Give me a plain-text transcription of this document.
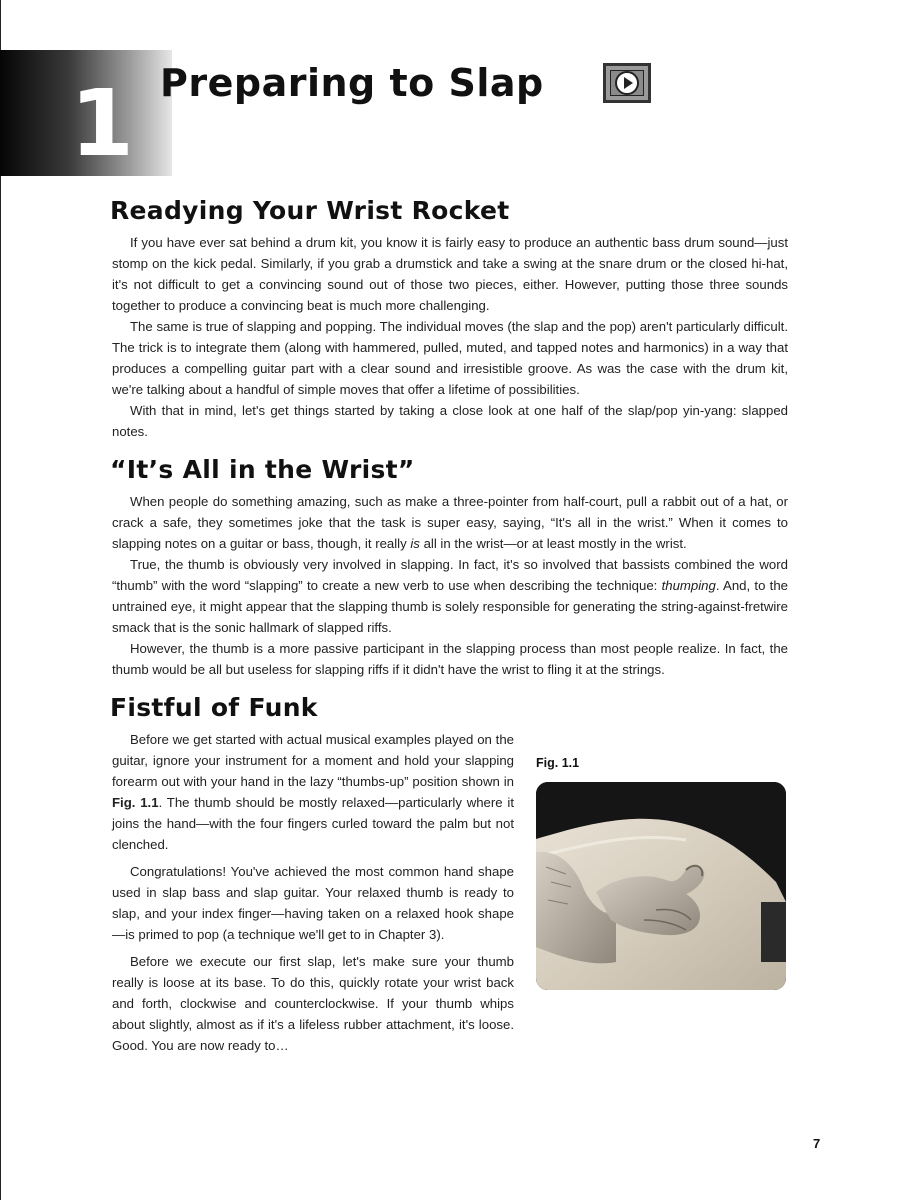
1 Preparing to Slap
Readying Your Wrist Rocket

If you have ever sat behind a drum kit, you know it is fairly easy to produce an authentic bass drum sound—just stomp on the kick pedal. Similarly, if you grab a drumstick and take a swing at the snare drum or the closed hi-hat, it's not difficult to get a convincing sound out of those two pieces, either. However, putting those three sounds together to produce a convincing beat is much more challenging.

The same is true of slapping and popping. The individual moves (the slap and the pop) aren't particularly difficult. The trick is to integrate them (along with hammered, pulled, muted, and tapped notes and harmonics) in a way that produces a compelling guitar part with a clear sound and irresistible groove. As was the case with the drum kit, we're talking about a handful of simple moves that offer a lifetime of possibilities.

With that in mind, let's get things started by taking a close look at one half of the slap/pop yin-yang: slapped notes.

“It’s All in the Wrist”

When people do something amazing, such as make a three-pointer from half-court, pull a rabbit out of a hat, or crack a safe, they sometimes joke that the task is super easy, saying, “It's all in the wrist.” When it comes to slapping notes on a guitar or bass, though, it really is all in the wrist—or at least mostly in the wrist.

True, the thumb is obviously very involved in slapping. In fact, it's so involved that bassists combined the word “thumb” with the word “slapping” to create a new verb to use when describing the technique: thumping. And, to the untrained eye, it might appear that the slapping thumb is solely responsible for generating the string-against-fretwire smack that is the sonic hallmark of slapped riffs.

However, the thumb is a more passive participant in the slapping process than most people realize. In fact, the thumb would be all but useless for slapping riffs if it didn't have the wrist to fling it at the strings.

Fistful of Funk

Before we get started with actual musical examples played on the guitar, ignore your instrument for a moment and hold your slapping forearm out with your hand in the lazy “thumbs-up” position shown in Fig. 1.1. The thumb should be mostly relaxed—particularly where it joins the hand—with the four fingers curled toward the palm but not clenched.

Congratulations! You've achieved the most common hand shape used in slap bass and slap guitar. Your relaxed thumb is ready to slap, and your index finger—having taken on a relaxed hook shape—is primed to pop (a technique we'll get to in Chapter 3).

Before we execute our first slap, let's make sure your thumb really is loose at its base. To do this, quickly rotate your wrist back and forth, clockwise and counterclockwise. If your thumb whips about slightly, almost as if it's a lifeless rubber attachment, it's loose. Good. You are now ready to…

Fig. 1.1

7
